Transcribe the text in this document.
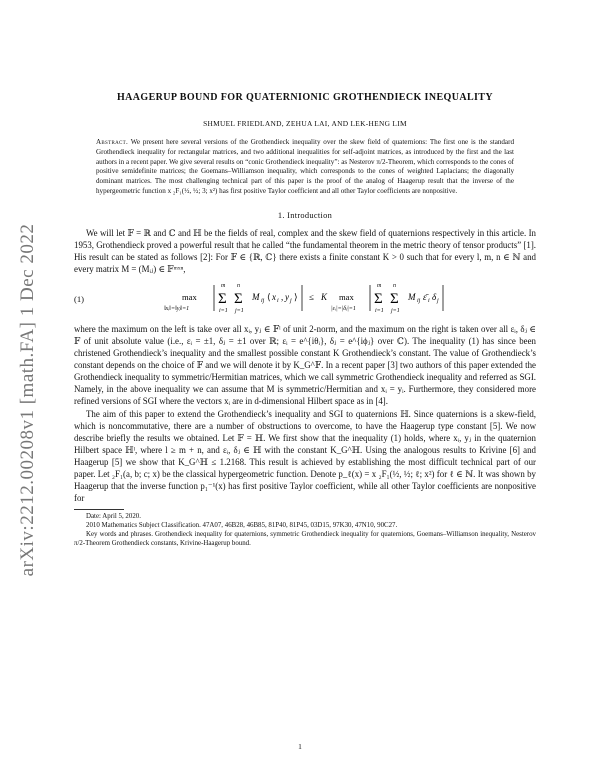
arXiv:2212.00208v1 [math.FA] 1 Dec 2022
HAAGERUP BOUND FOR QUATERNIONIC GROTHENDIECK INEQUALITY
SHMUEL FRIEDLAND, ZEHUA LAI, AND LEK-HENG LIM
Abstract. We present here several versions of the Grothendieck inequality over the skew field of quaternions: The first one is the standard Grothendieck inequality for rectangular matrices, and two additional inequalities for self-adjoint matrices, as introduced by the first and the last authors in a recent paper. We give several results on “conic Grothendieck inequality”: as Nesterov π/2-Theorem, which corresponds to the cones of positive semidefinite matrices; the Goemans–Williamson inequality, which corresponds to the cones of weighted Laplacians; the diagonally dominant matrices. The most challenging technical part of this paper is the proof of the analog of Haagerup result that the inverse of the hypergeometric function x ₂F₁(½, ½; 3; x²) has first positive Taylor coefficient and all other Taylor coefficients are nonpositive.
1. Introduction

We will let 𝔽 = ℝ and ℂ and ℍ be the fields of real, complex and the skew field of quaternions respectively in this article. In 1953, Grothendieck proved a powerful result that he called “the fundamental theorem in the metric theory of tensor products” [1]. His result can be stated as follows [2]: For 𝔽 ∈ {ℝ, ℂ} there exists a finite constant K > 0 such that for every l, m, n ∈ ℕ and every matrix M = (Mᵢⱼ) ∈ 𝔽ᵐˣⁿ,

(1)	max
‖xᵢ‖=‖yⱼ‖=1
m
Σ
i=1
n
Σ
j=1
M ij ⟨ x i , y j ⟩ ≤ K max
|εᵢ|=|δⱼ|=1
m
Σ
i=1
n
Σ
j=1
M ij ε̄ i δ j

where the maximum on the left is take over all xᵢ, yⱼ ∈ 𝔽ˡ of unit 2-norm, and the maximum on the right is taken over all εᵢ, δⱼ ∈ 𝔽 of unit absolute value (i.e., εᵢ = ±1, δⱼ = ±1 over ℝ; εᵢ = e^{iθᵢ}, δⱼ = e^{iϕⱼ} over ℂ). The inequality (1) has since been christened Grothendieck’s inequality and the smallest possible constant K Grothendieck’s constant. The value of Grothendieck’s constant depends on the choice of 𝔽 and we will denote it by K_G^𝔽. In a recent paper [3] two authors of this paper extended the Grothendieck inequality to symmetric/Hermitian matrices, which we call symmetric Grothendieck inequality and referred as SGI. Namely, in the above inequality we can assume that M is symmetric/Hermitian and xᵢ = yᵢ. Furthermore, they considered more refined versions of SGI where the vectors xᵢ are in d-dimensional Hilbert space as in [4].

The aim of this paper to extend the Grothendieck’s inequality and SGI to quaternions ℍ. Since quaternions is a skew-field, which is noncommutative, there are a number of obstructions to overcome, to have the Haagerup type constant [5]. We now describe briefly the results we obtained. Let 𝔽 = ℍ. We first show that the inequality (1) holds, where xᵢ, yⱼ in the quaternion Hilbert space ℍˡ, where l ≥ m + n, and εᵢ, δⱼ ∈ ℍ with the constant K_G^ℍ. Using the analogous results to Krivine [6] and Haagerup [5] we show that K_G^ℍ ≤ 1.2168. This result is achieved by establishing the most difficult technical part of our paper. Let ₂F₁(a, b; c; x) be the classical hypergeometric function. Denote p_ℓ(x) = x ₂F₁(½, ½; ℓ; x²) for ℓ ∈ ℕ. It was shown by Haagerup that the inverse function p₁⁻¹(x) has first positive Taylor coefficient, while all other Taylor coefficients are nonpositive for

Date: April 5, 2020.
2010 Mathematics Subject Classification. 47A07, 46B28, 46B85, 81P40, 81P45, 03D15, 97K30, 47N10, 90C27.
Key words and phrases. Grothendieck inequality for quaternions, symmetric Grothendieck inequality for quaternions, Goemans–Williamson inequality, Nesterov π/2-Theorem Grothendieck constants, Krivine-Haagerup bound.
1
